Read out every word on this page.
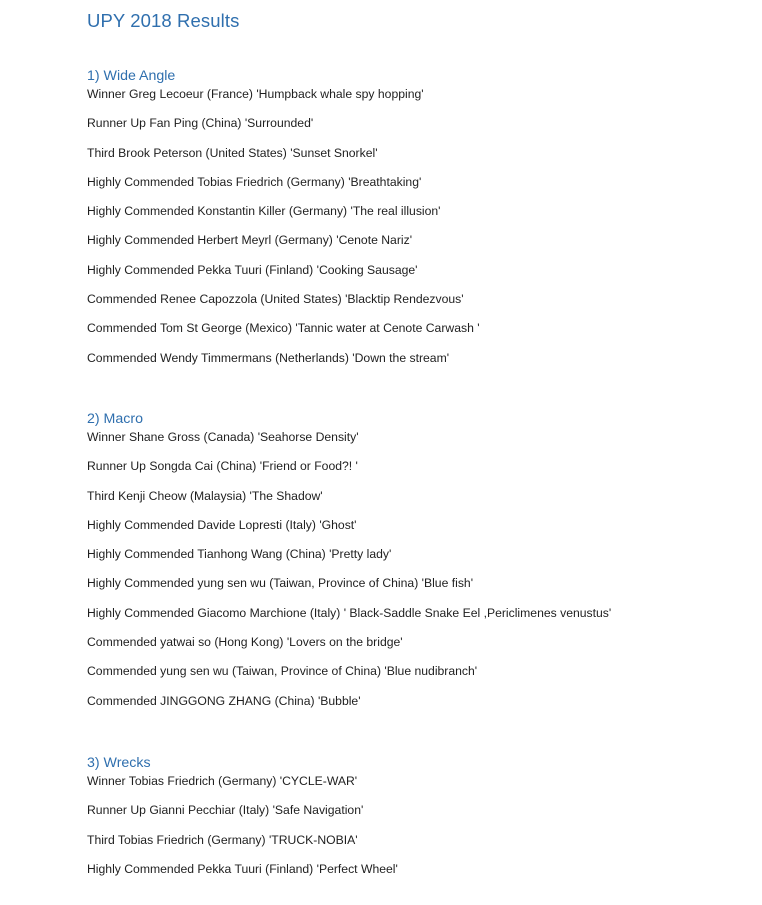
UPY 2018 Results
1) Wide Angle
Winner Greg Lecoeur (France) 'Humpback whale spy hopping'
Runner Up Fan Ping (China) 'Surrounded'
Third Brook Peterson (United States) 'Sunset Snorkel'
Highly Commended Tobias Friedrich (Germany) 'Breathtaking'
Highly Commended Konstantin Killer (Germany) 'The real illusion'
Highly Commended Herbert Meyrl (Germany) 'Cenote Nariz'
Highly Commended Pekka Tuuri (Finland) 'Cooking Sausage'
Commended Renee Capozzola (United States) 'Blacktip Rendezvous'
Commended Tom St George (Mexico) 'Tannic water at Cenote Carwash '
Commended Wendy Timmermans (Netherlands) 'Down the stream'
2) Macro
Winner Shane Gross (Canada) 'Seahorse Density'
Runner Up Songda Cai (China) 'Friend or Food?! '
Third Kenji Cheow (Malaysia) 'The Shadow'
Highly Commended Davide Lopresti (Italy) 'Ghost'
Highly Commended Tianhong Wang (China) 'Pretty lady'
Highly Commended yung sen wu (Taiwan, Province of China) 'Blue fish'
Highly Commended Giacomo Marchione (Italy) ' Black-Saddle Snake Eel ,Periclimenes venustus'
Commended yatwai so (Hong Kong) 'Lovers on the bridge'
Commended yung sen wu (Taiwan, Province of China) 'Blue nudibranch'
Commended JINGGONG ZHANG (China) 'Bubble'
3) Wrecks
Winner Tobias Friedrich (Germany) 'CYCLE-WAR'
Runner Up Gianni Pecchiar (Italy) 'Safe Navigation'
Third Tobias Friedrich (Germany) 'TRUCK-NOBIA'
Highly Commended Pekka Tuuri (Finland) 'Perfect Wheel'
